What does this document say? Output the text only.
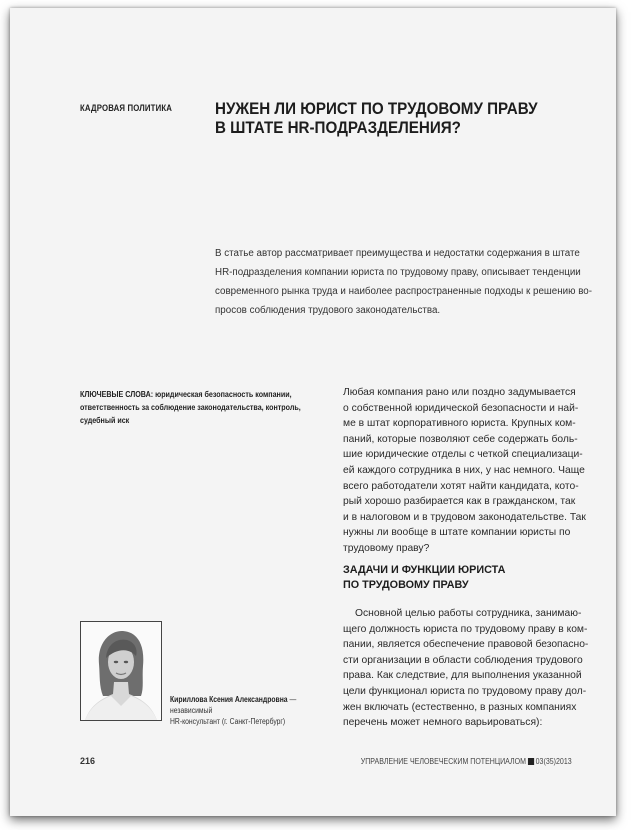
КАДРОВАЯ ПОЛИТИКА	НУЖЕН ЛИ ЮРИСТ ПО ТРУДОВОМУ ПРАВУ
В ШТАТЕ HR-ПОДРАЗДЕЛЕНИЯ?

В статье автор рассматривает преимущества и недостатки содержания в штате
HR-подразделения компании юриста по трудовому праву, описывает тенденции
современного рынка труда и наиболее распространенные подходы к решению во-
просов соблюдения трудового законодательства.

КЛЮЧЕВЫЕ СЛОВА: юридическая безопасность компании,
ответственность за соблюдение законодательства, контроль,
судебный иск

Любая компания рано или поздно задумывается
о собственной юридической безопасности и най-
ме в штат корпоративного юриста. Крупных ком-
паний, которые позволяют себе содержать боль-
шие юридические отделы с четкой специализаци-
ей каждого сотрудника в них, у нас немного. Чаще
всего работодатели хотят найти кандидата, кото-
рый хорошо разбирается как в гражданском, так
и в налоговом и в трудовом законодательстве. Так
нужны ли вообще в штате компании юристы по
трудовому праву?

ЗАДАЧИ И ФУНКЦИИ ЮРИСТА
ПО ТРУДОВОМУ ПРАВУ

Основной целью работы сотрудника, занимаю-
щего должность юриста по трудовому праву в ком-
пании, является обеспечение правовой безопасно-
сти организации в области соблюдения трудового
права. Как следствие, для выполнения указанной
цели функционал юриста по трудовому праву дол-
жен включать (естественно, в разных компаниях
перечень может немного варьироваться):

Кириллова Ксения Александровна — независимый
HR-консультант (г. Санкт-Петербург)
216	УПРАВЛЕНИЕ ЧЕЛОВЕЧЕСКИМ ПОТЕНЦИАЛОМ 03(35)2013
